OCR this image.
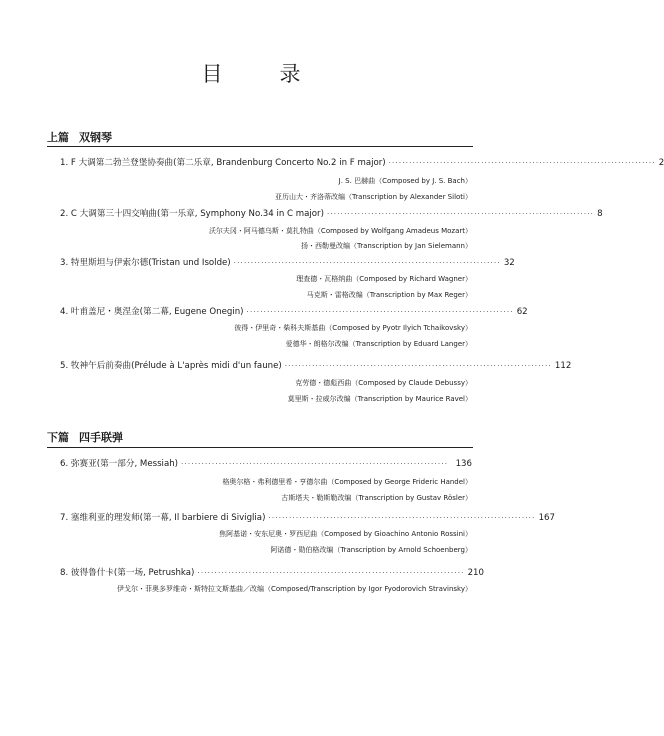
目　录
上篇 双钢琴
1. F 大调第二勃兰登堡协奏曲(第二乐章, Brandenburg Concerto No.2 in F major) ·············································································· 2
J. S. 巴赫曲（Composed by J. S. Bach）
亚历山大・齐洛蒂改编（Transcription by Alexander Siloti）
2. C 大调第三十四交响曲(第一乐章, Symphony No.34 in C major) ·············································································· 8
沃尔夫冈・阿马德乌斯・莫扎特曲（Composed by Wolfgang Amadeus Mozart）
扬・西勒曼改编（Transcription by Jan Sielemann）
3. 特里斯坦与伊索尔德(Tristan und Isolde) ·············································································· 32
理查德・瓦格纳曲（Composed by Richard Wagner）
马克斯・雷格改编（Transcription by Max Reger）
4. 叶甫盖尼・奥涅金(第二幕, Eugene Onegin) ·············································································· 62
彼得・伊里奇・柴科夫斯基曲（Composed by Pyotr Ilyich Tchaikovsky）
爱德华・朗格尔改编（Transcription by Eduard Langer）
5. 牧神午后前奏曲(Prélude à L'après midi d'un faune) ·············································································· 112
克劳德・德彪西曲（Composed by Claude Debussy）
莫里斯・拉威尔改编（Transcription by Maurice Ravel）
下篇 四手联弹
6. 弥赛亚(第一部分, Messiah) ·············································································· 136
格奥尔格・弗利德里希・亨德尔曲（Composed by George Frideric Handel）
古斯塔夫・勒斯勒改编（Transcription by Gustav Rösler）
7. 塞维利亚的理发师(第一幕, Il barbiere di Siviglia) ·············································································· 167
焦阿基诺・安东尼奥・罗西尼曲（Composed by Gioachino Antonio Rossini）
阿诺德・勋伯格改编（Transcription by Arnold Schoenberg）
8. 彼得鲁什卡(第一场, Petrushka) ·············································································· 210
伊戈尔・菲奥多罗维奇・斯特拉文斯基曲／改编（Composed/Transcription by Igor Fyodorovich Stravinsky）
